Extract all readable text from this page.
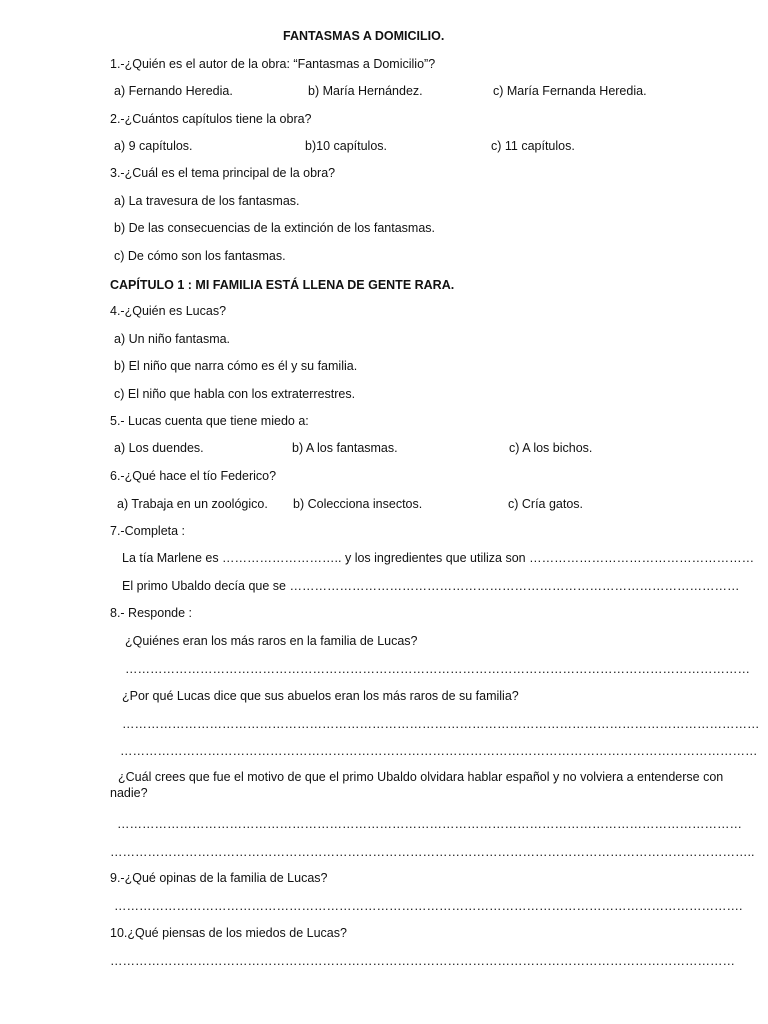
FANTASMAS A DOMICILIO.
1.-¿Quién es el autor de la obra: “Fantasmas a Domicilio”?
a) Fernando Heredia.	b) María Hernández.	c) María Fernanda Heredia.
2.-¿Cuántos capítulos tiene la obra?
a) 9 capítulos.	b)10 capítulos.	c) 11 capítulos.
3.-¿Cuál es el tema principal de la obra?
a) La travesura de los fantasmas.
b) De las consecuencias de la extinción de los fantasmas.
c) De cómo son los fantasmas.
CAPÍTULO 1 : MI FAMILIA ESTÁ LLENA DE GENTE RARA.
4.-¿Quién es Lucas?
a) Un niño fantasma.
b) El niño que narra cómo es él y su familia.
c) El niño que habla con los extraterrestres.
5.- Lucas cuenta que tiene miedo a:
a) Los duendes.	b) A los fantasmas.	c) A los bichos.
6.-¿Qué hace el tío Federico?
a) Trabaja en un zoológico. b) Colecciona insectos.	c) Cría gatos.
7.-Completa :
La tía Marlene es ……………………….. y los ingredientes que utiliza son ………………………………………………
El primo Ubaldo decía que se ………………………………………………………………………………………………
8.- Responde :
¿Quiénes eran los más raros en la familia de Lucas?
……………………………………………………………………………………………………………………………………
¿Por qué Lucas dice que sus abuelos eran los más raros de su familia?
………………………………………………………………………………………………………………………………………
………………………………………………………………………………………………………………………………………
¿Cuál crees que fue el motivo de que el primo Ubaldo olvidara hablar español y no volviera a entenderse con nadie?
……………………………………………………………………………………………………………………………………
………………………………………………………………………………………………………………………………………..
9.-¿Qué opinas de la familia de Lucas?
…………………………………………………………………………………………………………………………………….
10.¿Qué piensas de los miedos de Lucas?
……………………………………………………………………………………………………………………………………
